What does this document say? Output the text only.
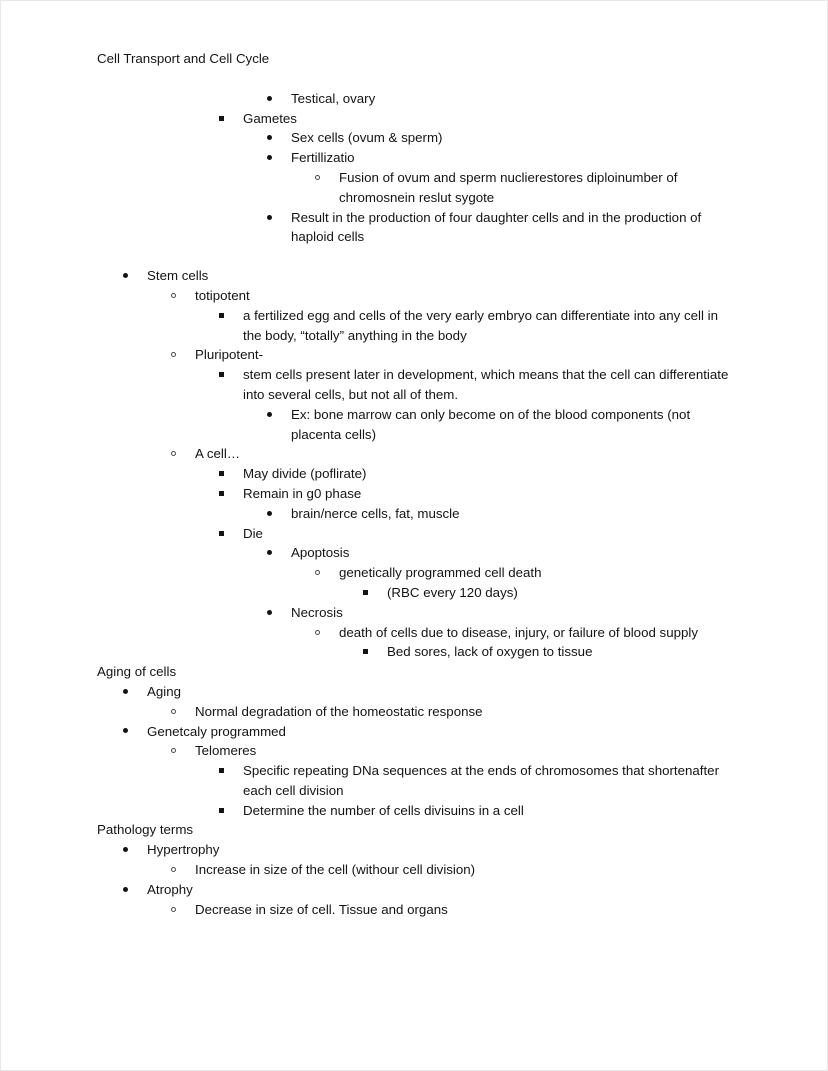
Cell Transport and Cell Cycle
Testical, ovary
Gametes
Sex cells (ovum & sperm)
Fertillizatio
Fusion of ovum and sperm nuclierestores diploinumber of chromosnein reslut sygote
Result in the production of four daughter cells and in the production of haploid cells
Stem cells
totipotent
a fertilized egg and cells of the very early embryo can differentiate into any cell in the body, “totally” anything in the body
Pluripotent-
stem cells present later in development, which means that the cell can differentiate into several cells, but not all of them.
Ex: bone marrow can only become on of the blood components (not placenta cells)
A cell…
May divide (poflirate)
Remain in g0 phase
brain/nerce cells, fat, muscle
Die
Apoptosis
genetically programmed cell death
(RBC every 120 days)
Necrosis
death of cells due to disease, injury, or failure of blood supply
Bed sores, lack of oxygen to tissue
Aging of cells
Aging
Normal degradation of the homeostatic response
Genetcaly programmed
Telomeres
Specific repeating DNa sequences at the ends of chromosomes that shortenafter each cell division
Determine the number of cells divisuins in a cell
Pathology terms
Hypertrophy
Increase in size of the cell (withour cell division)
Atrophy
Decrease in size of cell. Tissue and organs
